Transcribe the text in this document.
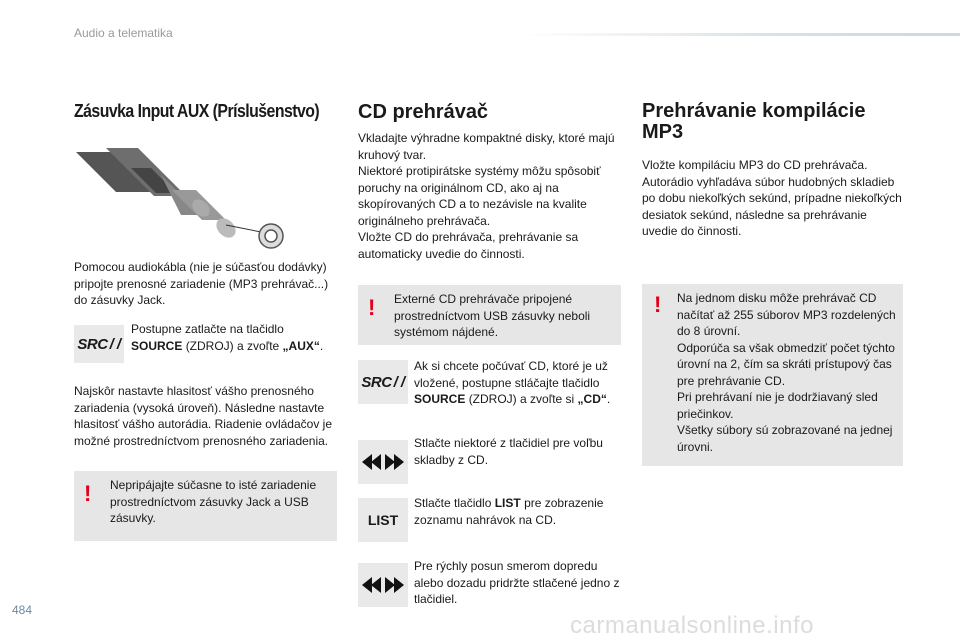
Audio a telematika
Zásuvka Input AUX (Príslušenstvo)
Pomocou audiokábla (nie je súčasťou dodávky) pripojte prenosné zariadenie (MP3 prehrávač...) do zásuvky Jack.
SRC / /
Postupne zatlačte na tlačidlo SOURCE (ZDROJ) a zvoľte „AUX“.
Najskôr nastavte hlasitosť vášho prenosného zariadenia (vysoká úroveň). Následne nastavte hlasitosť vášho autorádia. Riadenie ovládačov je možné prostredníctvom prenosného zariadenia.
! Nepripájajte súčasne to isté zariadenie prostredníctvom zásuvky Jack a USB zásuvky.
CD prehrávač
Vkladajte výhradne kompaktné disky, ktoré majú kruhový tvar.
Niektoré protipirátske systémy môžu spôsobiť poruchy na originálnom CD, ako aj na skopírovaných CD a to nezávisle na kvalite originálneho prehrávača.
Vložte CD do prehrávača, prehrávanie sa automaticky uvedie do činnosti.
! Externé CD prehrávače pripojené prostredníctvom USB zásuvky neboli systémom nájdené.
SRC / /
Ak si chcete počúvať CD, ktoré je už vložené, postupne stláčajte tlačidlo SOURCE (ZDROJ) a zvoľte si „CD“.
Stlačte niektoré z tlačidiel pre voľbu skladby z CD.
LIST
Stlačte tlačidlo LIST pre zobrazenie zoznamu nahrávok na CD.
Pre rýchly posun smerom dopredu alebo dozadu pridržte stlačené jedno z tlačidiel.
Prehrávanie kompilácie MP3
Vložte kompiláciu MP3 do CD prehrávača.
Autorádio vyhľadáva súbor hudobných skladieb po dobu niekoľkých sekúnd, prípadne niekoľkých desiatok sekúnd, následne sa prehrávanie uvedie do činnosti.
! Na jednom disku môže prehrávač CD načítať až 255 súborov MP3 rozdelených do 8 úrovní.
Odporúča sa však obmedziť počet týchto úrovní na 2, čím sa skráti prístupový čas pre prehrávanie CD.
Pri prehrávaní nie je dodržiavaný sled priečinkov.
Všetky súbory sú zobrazované na jednej úrovni.
484
carmanualsonline.info
